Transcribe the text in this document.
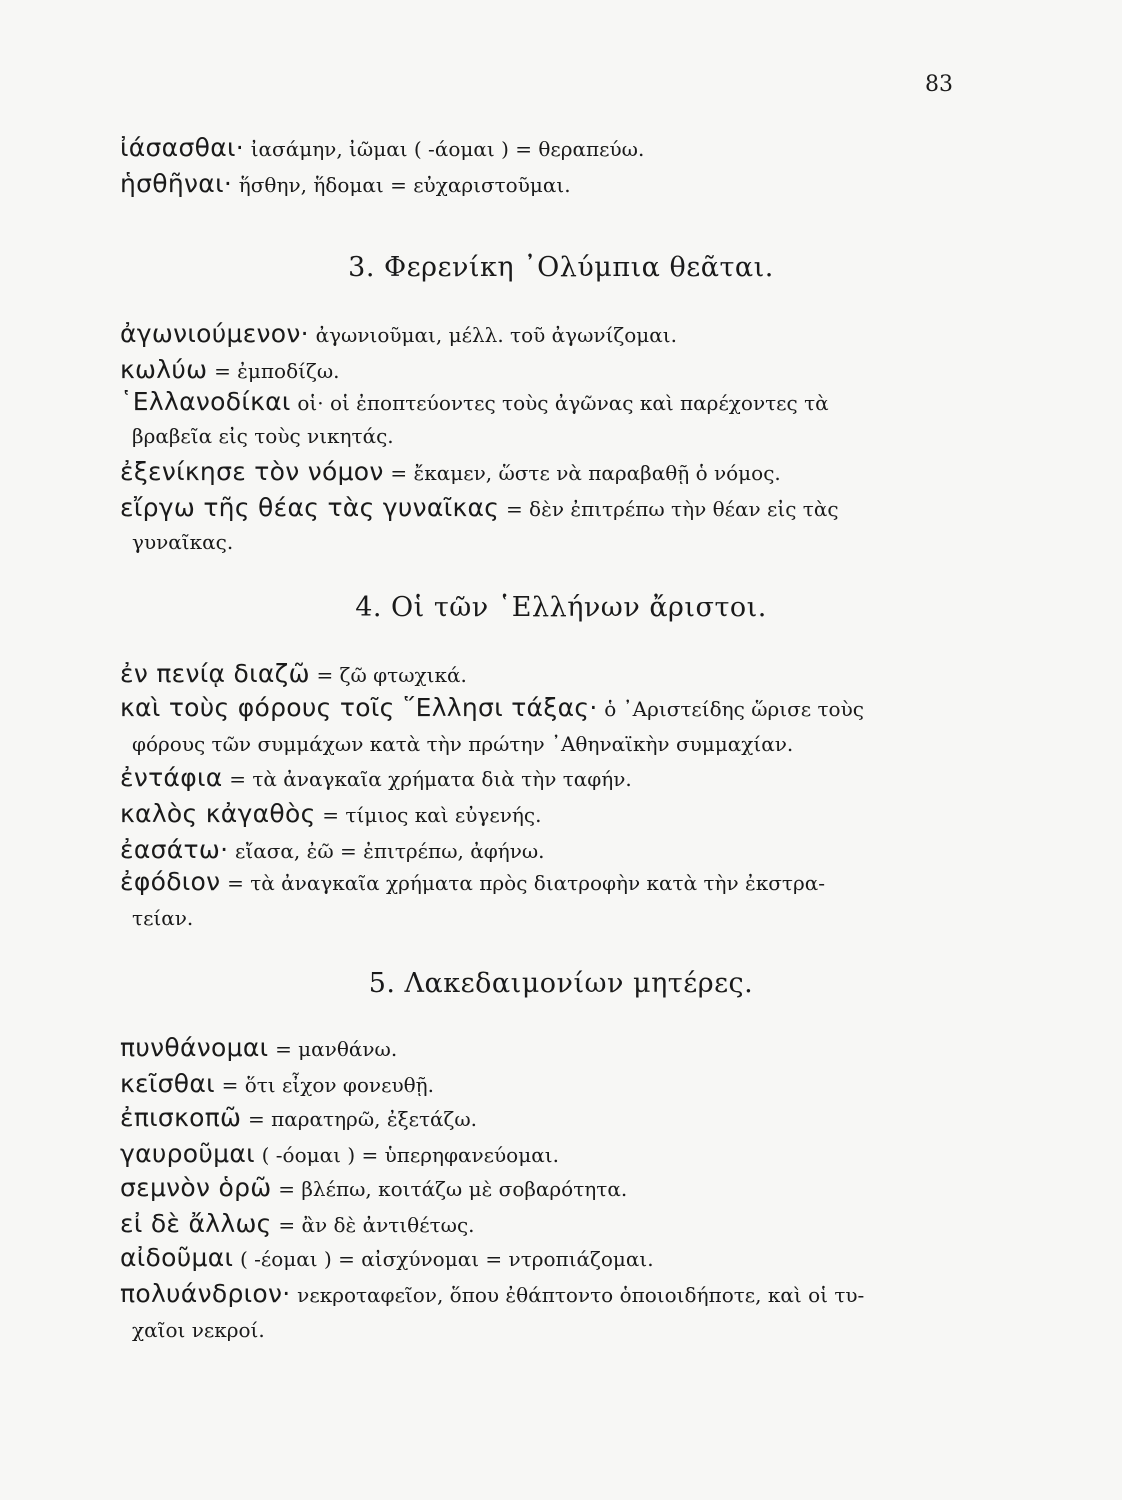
83
ἰάσασθαι· ἰασάμην, ἰῶμαι ( -άομαι ) = θεραπεύω.
ἡσθῆναι· ἥσθην, ἥδομαι = εὐχαριστοῦμαι.
3. Φερενίκη ᾿Ολύμπια θεᾶται.
ἀγωνιούμενον· ἀγωνιοῦμαι, μέλλ. τοῦ ἀγωνίζομαι.
κωλύω = ἐμποδίζω.
῾Ελλανοδίκαι οἱ· οἱ ἐποπτεύοντες τοὺς ἀγῶνας καὶ παρέχοντες τὰ
βραβεῖα εἰς τοὺς νικητάς.
ἐξενίκησε τὸν νόμον = ἔκαμεν, ὥστε νὰ παραβαθῇ ὁ νόμος.
εἴργω τῆς θέας τὰς γυναῖκας = δὲν ἐπιτρέπω τὴν θέαν εἰς τὰς
γυναῖκας.
4. Οἱ τῶν ῾Ελλήνων ἄριστοι.
ἐν πενίᾳ διαζῶ = ζῶ φτωχικά.
καὶ τοὺς φόρους τοῖς ῞Ελλησι τάξας· ὁ ᾿Αριστείδης ὥρισε τοὺς
φόρους τῶν συμμάχων κατὰ τὴν πρώτην ᾿Αθηναϊκὴν συμμαχίαν.
ἐντάφια = τὰ ἀναγκαῖα χρήματα διὰ τὴν ταφήν.
καλὸς κἀγαθὸς = τίμιος καὶ εὐγενής.
ἐασάτω· εἴασα, ἐῶ = ἐπιτρέπω, ἀφήνω.
ἐφόδιον = τὰ ἀναγκαῖα χρήματα πρὸς διατροφὴν κατὰ τὴν ἐκστρα-
τείαν.
5. Λακεδαιμονίων μητέρες.
πυνθάνομαι = μανθάνω.
κεῖσθαι = ὅτι εἶχον φονευθῇ.
ἐπισκοπῶ = παρατηρῶ, ἐξετάζω.
γαυροῦμαι ( -όομαι ) = ὑπερηφανεύομαι.
σεμνὸν ὁρῶ = βλέπω, κοιτάζω μὲ σοβαρότητα.
εἰ δὲ ἄλλως = ἂν δὲ ἀντιθέτως.
αἰδοῦμαι ( -έομαι ) = αἰσχύνομαι = ντροπιάζομαι.
πολυάνδριον· νεκροταφεῖον, ὅπου ἐθάπτοντο ὁποιοιδήποτε, καὶ οἱ τυ-
χαῖοι νεκροί.
